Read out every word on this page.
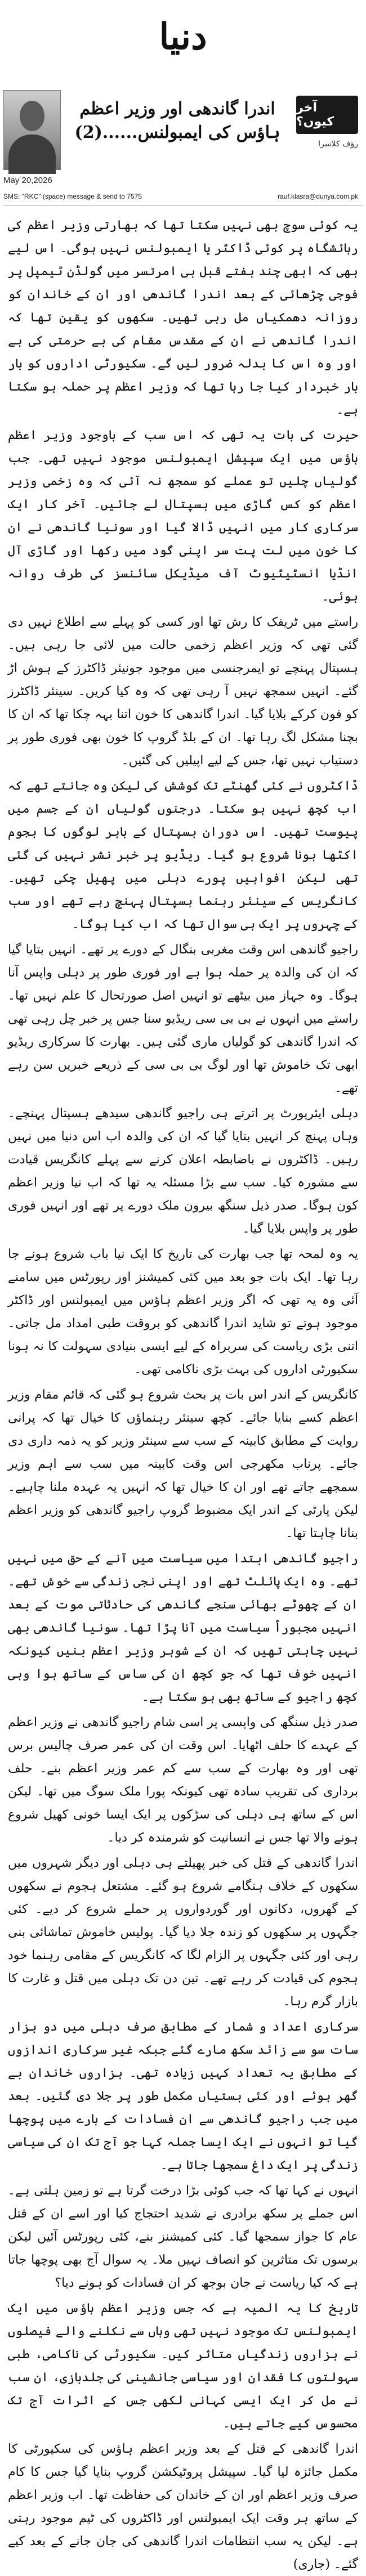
دنیا
اندرا گاندھی اور وزیر اعظم ہاؤس کی ایمبولنس......(2)
آخر کیوں؟
رؤف کلاسرا
May 20,2026
SMS: "RKC" (space) message & send to 7575	rauf.klasra@dunya.com.pk

یہ کوئی سوچ بھی نہیں سکتا تھا کہ بھارتی وزیر اعظم کی رہائشگاہ پر کوئی ڈاکٹر یا ایمبولنس نہیں ہوگی۔ اس لیے بھی کہ ابھی چند ہفتے قبل ہی امرتسر میں گولڈن ٹیمپل پر فوجی چڑھائی کے بعد اندرا گاندھی اور ان کے خاندان کو روزانہ دھمکیاں مل رہی تھیں۔ سکھوں کو یقین تھا کہ اندرا گاندھی نے ان کے مقدس مقام کی بے حرمتی کی ہے اور وہ اس کا بدلہ ضرور لیں گے۔ سکیورٹی اداروں کو بار بار خبردار کیا جا رہا تھا کہ وزیر اعظم پر حملہ ہو سکتا ہے۔

حیرت کی بات یہ تھی کہ اس سب کے باوجود وزیر اعظم ہاؤس میں ایک سپیشل ایمبولنس موجود نہیں تھی۔ جب گولیاں چلیں تو عملے کو سمجھ نہ آئی کہ وہ زخمی وزیر اعظم کو کس گاڑی میں ہسپتال لے جائیں۔ آخر کار ایک سرکاری کار میں انہیں ڈالا گیا اور سونیا گاندھی نے ان کا خون میں لت پت سر اپنی گود میں رکھا اور گاڑی آل انڈیا انسٹیٹیوٹ آف میڈیکل سائنسز کی طرف روانہ ہوئی۔

راستے میں ٹریفک کا رش تھا اور کسی کو پہلے سے اطلاع نہیں دی گئی تھی کہ وزیر اعظم زخمی حالت میں لائی جا رہی ہیں۔ ہسپتال پہنچے تو ایمرجنسی میں موجود جونیئر ڈاکٹرز کے ہوش اڑ گئے۔ انہیں سمجھ نہیں آ رہی تھی کہ وہ کیا کریں۔ سینئر ڈاکٹرز کو فون کرکے بلایا گیا۔ اندرا گاندھی کا خون اتنا بہہ چکا تھا کہ ان کا بچنا مشکل لگ رہا تھا۔ ان کے بلڈ گروپ کا خون بھی فوری طور پر دستیاب نہیں تھا، جس کے لیے اپیلیں کی گئیں۔

ڈاکٹروں نے کئی گھنٹے تک کوشش کی لیکن وہ جانتے تھے کہ اب کچھ نہیں ہو سکتا۔ درجنوں گولیاں ان کے جسم میں پیوست تھیں۔ اس دوران ہسپتال کے باہر لوگوں کا ہجوم اکٹھا ہونا شروع ہو گیا۔ ریڈیو پر خبر نشر نہیں کی گئی تھی لیکن افواہیں پورے دہلی میں پھیل چکی تھیں۔ کانگریس کے سینئر رہنما ہسپتال پہنچ رہے تھے اور سب کے چہروں پر ایک ہی سوال تھا کہ اب کیا ہوگا۔

راجیو گاندھی اس وقت مغربی بنگال کے دورے پر تھے۔ انہیں بتایا گیا کہ ان کی والدہ پر حملہ ہوا ہے اور فوری طور پر دہلی واپس آنا ہوگا۔ وہ جہاز میں بیٹھے تو انہیں اصل صورتحال کا علم نہیں تھا۔ راستے میں انہوں نے بی بی سی ریڈیو سنا جس پر خبر چل رہی تھی کہ اندرا گاندھی کو گولیاں ماری گئی ہیں۔ بھارت کا سرکاری ریڈیو ابھی تک خاموش تھا اور لوگ بی بی سی کے ذریعے خبریں سن رہے تھے۔

دہلی ایئرپورٹ پر اترتے ہی راجیو گاندھی سیدھے ہسپتال پہنچے۔ وہاں پہنچ کر انہیں بتایا گیا کہ ان کی والدہ اب اس دنیا میں نہیں رہیں۔ ڈاکٹروں نے باضابطہ اعلان کرنے سے پہلے کانگریس قیادت سے مشورہ کیا۔ سب سے بڑا مسئلہ یہ تھا کہ اب نیا وزیر اعظم کون ہوگا۔ صدر ذیل سنگھ بیرون ملک دورے پر تھے اور انہیں فوری طور پر واپس بلایا گیا۔

یہ وہ لمحہ تھا جب بھارت کی تاریخ کا ایک نیا باب شروع ہونے جا رہا تھا۔ ایک بات جو بعد میں کئی کمیشنز اور رپورٹس میں سامنے آئی وہ یہ تھی کہ اگر وزیر اعظم ہاؤس میں ایمبولنس اور ڈاکٹر موجود ہوتے تو شاید اندرا گاندھی کو بروقت طبی امداد مل جاتی۔ اتنی بڑی ریاست کی سربراہ کے لیے ایسی بنیادی سہولت کا نہ ہونا سکیورٹی اداروں کی بہت بڑی ناکامی تھی۔

کانگریس کے اندر اس بات پر بحث شروع ہو گئی کہ قائم مقام وزیر اعظم کسے بنایا جائے۔ کچھ سینئر رہنماؤں کا خیال تھا کہ پرانی روایت کے مطابق کابینہ کے سب سے سینئر وزیر کو یہ ذمہ داری دی جائے۔ پرناب مکھرجی اس وقت کابینہ میں سب سے اہم وزیر سمجھے جاتے تھے اور ان کا خیال تھا کہ انہیں یہ عہدہ ملنا چاہیے۔ لیکن پارٹی کے اندر ایک مضبوط گروپ راجیو گاندھی کو وزیر اعظم بنانا چاہتا تھا۔

راجیو گاندھی ابتدا میں سیاست میں آنے کے حق میں نہیں تھے۔ وہ ایک پائلٹ تھے اور اپنی نجی زندگی سے خوش تھے۔ ان کے چھوٹے بھائی سنجے گاندھی کی حادثاتی موت کے بعد انہیں مجبوراً سیاست میں آنا پڑا تھا۔ سونیا گاندھی بھی نہیں چاہتی تھیں کہ ان کے شوہر وزیر اعظم بنیں کیونکہ انہیں خوف تھا کہ جو کچھ ان کی ساس کے ساتھ ہوا وہی کچھ راجیو کے ساتھ بھی ہو سکتا ہے۔

صدر ذیل سنگھ کی واپسی پر اسی شام راجیو گاندھی نے وزیر اعظم کے عہدے کا حلف اٹھایا۔ اس وقت ان کی عمر صرف چالیس برس تھی اور وہ بھارت کے سب سے کم عمر وزیر اعظم بنے۔ حلف برداری کی تقریب سادہ تھی کیونکہ پورا ملک سوگ میں تھا۔ لیکن اس کے ساتھ ہی دہلی کی سڑکوں پر ایک ایسا خونی کھیل شروع ہونے والا تھا جس نے انسانیت کو شرمندہ کر دیا۔

اندرا گاندھی کے قتل کی خبر پھیلتے ہی دہلی اور دیگر شہروں میں سکھوں کے خلاف ہنگامے شروع ہو گئے۔ مشتعل ہجوم نے سکھوں کے گھروں، دکانوں اور گوردواروں پر حملے شروع کر دیے۔ کئی جگہوں پر سکھوں کو زندہ جلا دیا گیا۔ پولیس خاموش تماشائی بنی رہی اور کئی جگہوں پر الزام لگا کہ کانگریس کے مقامی رہنما خود ہجوم کی قیادت کر رہے تھے۔ تین دن تک دہلی میں قتل و غارت کا بازار گرم رہا۔

سرکاری اعداد و شمار کے مطابق صرف دہلی میں دو ہزار سات سو سے زائد سکھ مارے گئے جبکہ غیر سرکاری اندازوں کے مطابق یہ تعداد کہیں زیادہ تھی۔ ہزاروں خاندان بے گھر ہوئے اور کئی بستیاں مکمل طور پر جلا دی گئیں۔ بعد میں جب راجیو گاندھی سے ان فسادات کے بارے میں پوچھا گیا تو انہوں نے ایک ایسا جملہ کہا جو آج تک ان کی سیاسی زندگی پر ایک داغ سمجھا جاتا ہے۔

انہوں نے کہا تھا کہ جب کوئی بڑا درخت گرتا ہے تو زمین ہلتی ہے۔ اس جملے پر سکھ برادری نے شدید احتجاج کیا اور اسے ان کے قتل عام کا جواز سمجھا گیا۔ کئی کمیشنز بنے، کئی رپورٹس آئیں لیکن برسوں تک متاثرین کو انصاف نہیں ملا۔ یہ سوال آج بھی پوچھا جاتا ہے کہ کیا ریاست نے جان بوجھ کر ان فسادات کو ہونے دیا؟

تاریخ کا یہ المیہ ہے کہ جس وزیر اعظم ہاؤس میں ایک ایمبولنس تک موجود نہیں تھی وہاں سے نکلنے والے فیصلوں نے ہزاروں زندگیاں متاثر کیں۔ سکیورٹی کی ناکامی، طبی سہولتوں کا فقدان اور سیاسی جانشینی کی جلدبازی، ان سب نے مل کر ایک ایسی کہانی لکھی جس کے اثرات آج تک محسوس کیے جاتے ہیں۔

اندرا گاندھی کے قتل کے بعد وزیر اعظم ہاؤس کی سکیورٹی کا مکمل جائزہ لیا گیا۔ سپیشل پروٹیکشن گروپ بنایا گیا جس کا کام صرف وزیر اعظم اور ان کے خاندان کی حفاظت تھا۔ اب وزیر اعظم کے ساتھ ہر وقت ایک ایمبولنس اور ڈاکٹروں کی ٹیم موجود رہتی ہے۔ لیکن یہ سب انتظامات اندرا گاندھی کی جان جانے کے بعد کیے گئے۔ (جاری)
